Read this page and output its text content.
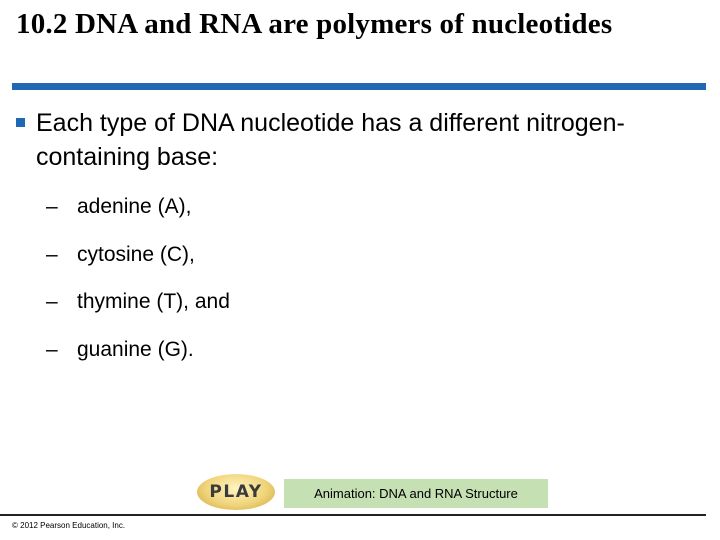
10.2 DNA and RNA are polymers of nucleotides
Each type of DNA nucleotide has a different nitrogen-containing base:
– adenine (A),
– cytosine (C),
– thymine (T), and
– guanine (G).
PLAY	Animation: DNA and RNA Structure
© 2012 Pearson Education, Inc.
